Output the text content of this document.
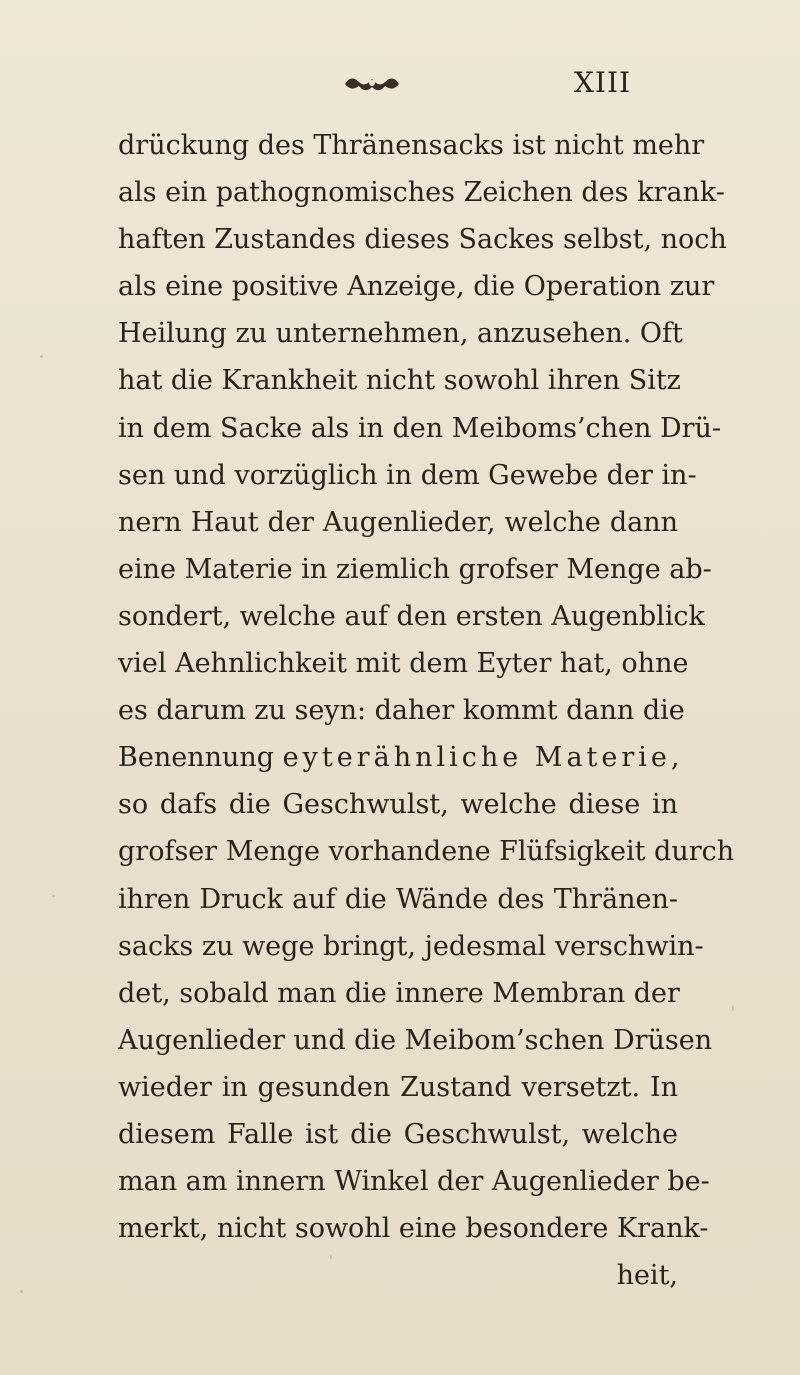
XIII
drückung des Thränensacks ist nicht mehr
als ein pathognomisches Zeichen des krank-
haften Zustandes dieses Sackes selbst, noch
als eine positive Anzeige, die Operation zur
Heilung zu unternehmen, anzusehen. Oft
hat die Krankheit nicht sowohl ihren Sitz
in dem Sacke als in den Meiboms’chen Drü-
sen und vorzüglich in dem Gewebe der in-
nern Haut der Augenlieder, welche dann
eine Materie in ziemlich grofser Menge ab-
sondert, welche auf den ersten Augenblick
viel Aehnlichkeit mit dem Eyter hat, ohne
es darum zu seyn: daher kommt dann die
Benennung eyterähnliche Materie,
so dafs die Geschwulst, welche diese in
grofser Menge vorhandene Flüfsigkeit durch
ihren Druck auf die Wände des Thränen-
sacks zu wege bringt, jedesmal verschwin-
det, sobald man die innere Membran der
Augenlieder und die Meibom’schen Drüsen
wieder in gesunden Zustand versetzt. In
diesem Falle ist die Geschwulst, welche
man am innern Winkel der Augenlieder be-
merkt, nicht sowohl eine besondere Krank-
heit,
